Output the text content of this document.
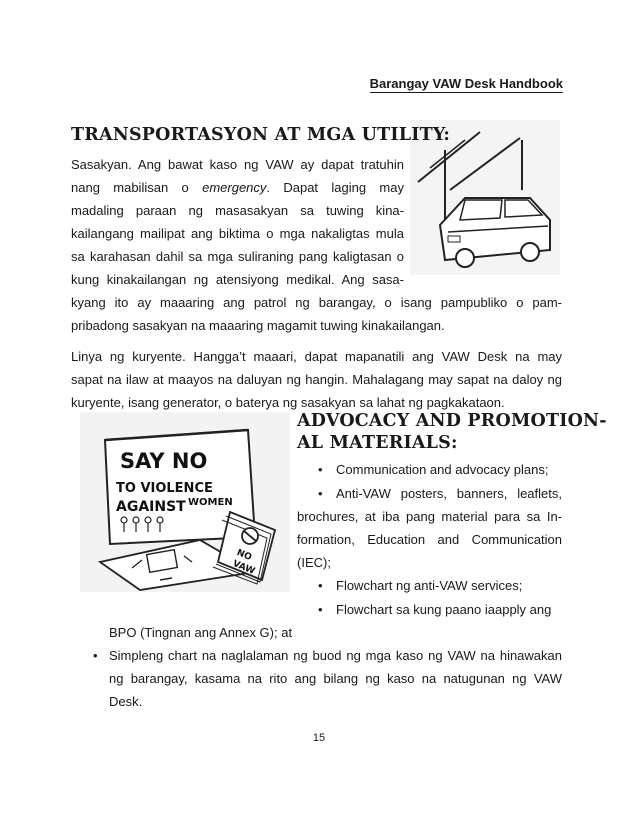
Barangay VAW Desk Handbook
TRANSPORTASYON AT MGA UTILITY:
Sasakyan. Ang bawat kaso ng VAW ay dapat tratuhin
nang mabilisan o emergency. Dapat laging may
madaling paraan ng masasakyan sa tuwing kina-
kailangang mailipat ang biktima o mga nakaligtas mula
sa karahasan dahil sa mga suliraning pang kaligtasan o
kung kinakailangan ng atensiyong medikal. Ang sasa-
kyang ito ay maaaring ang patrol ng barangay, o isang pampubliko o pam-
pribadong sasakyan na maaaring magamit tuwing kinakailangan.
Linya ng kuryente. Hangga’t maaari, dapat mapanatili ang VAW Desk na may
sapat na ilaw at maayos na daluyan ng hangin. Mahalagang may sapat na daloy ng
kuryente, isang generator, o baterya ng sasakyan sa lahat ng pagkakataon.
SAY NO
TO VIOLENCE
AGAINST WOMEN
NO
VAW
ADVOCACY AND PROMOTION-
AL MATERIALS:
• Communication and advocacy plans;
• Anti-VAW posters, banners, leaflets,
brochures, at iba pang material para sa In-
formation, Education and Communication
(IEC);
• Flowchart ng anti-VAW services;
• Flowchart sa kung paano iaapply ang
BPO (Tingnan ang Annex G); at
• Simpleng chart na naglalaman ng buod ng mga kaso ng VAW na hinawakan
ng barangay, kasama na rito ang bilang ng kaso na natugunan ng VAW
Desk.
15
